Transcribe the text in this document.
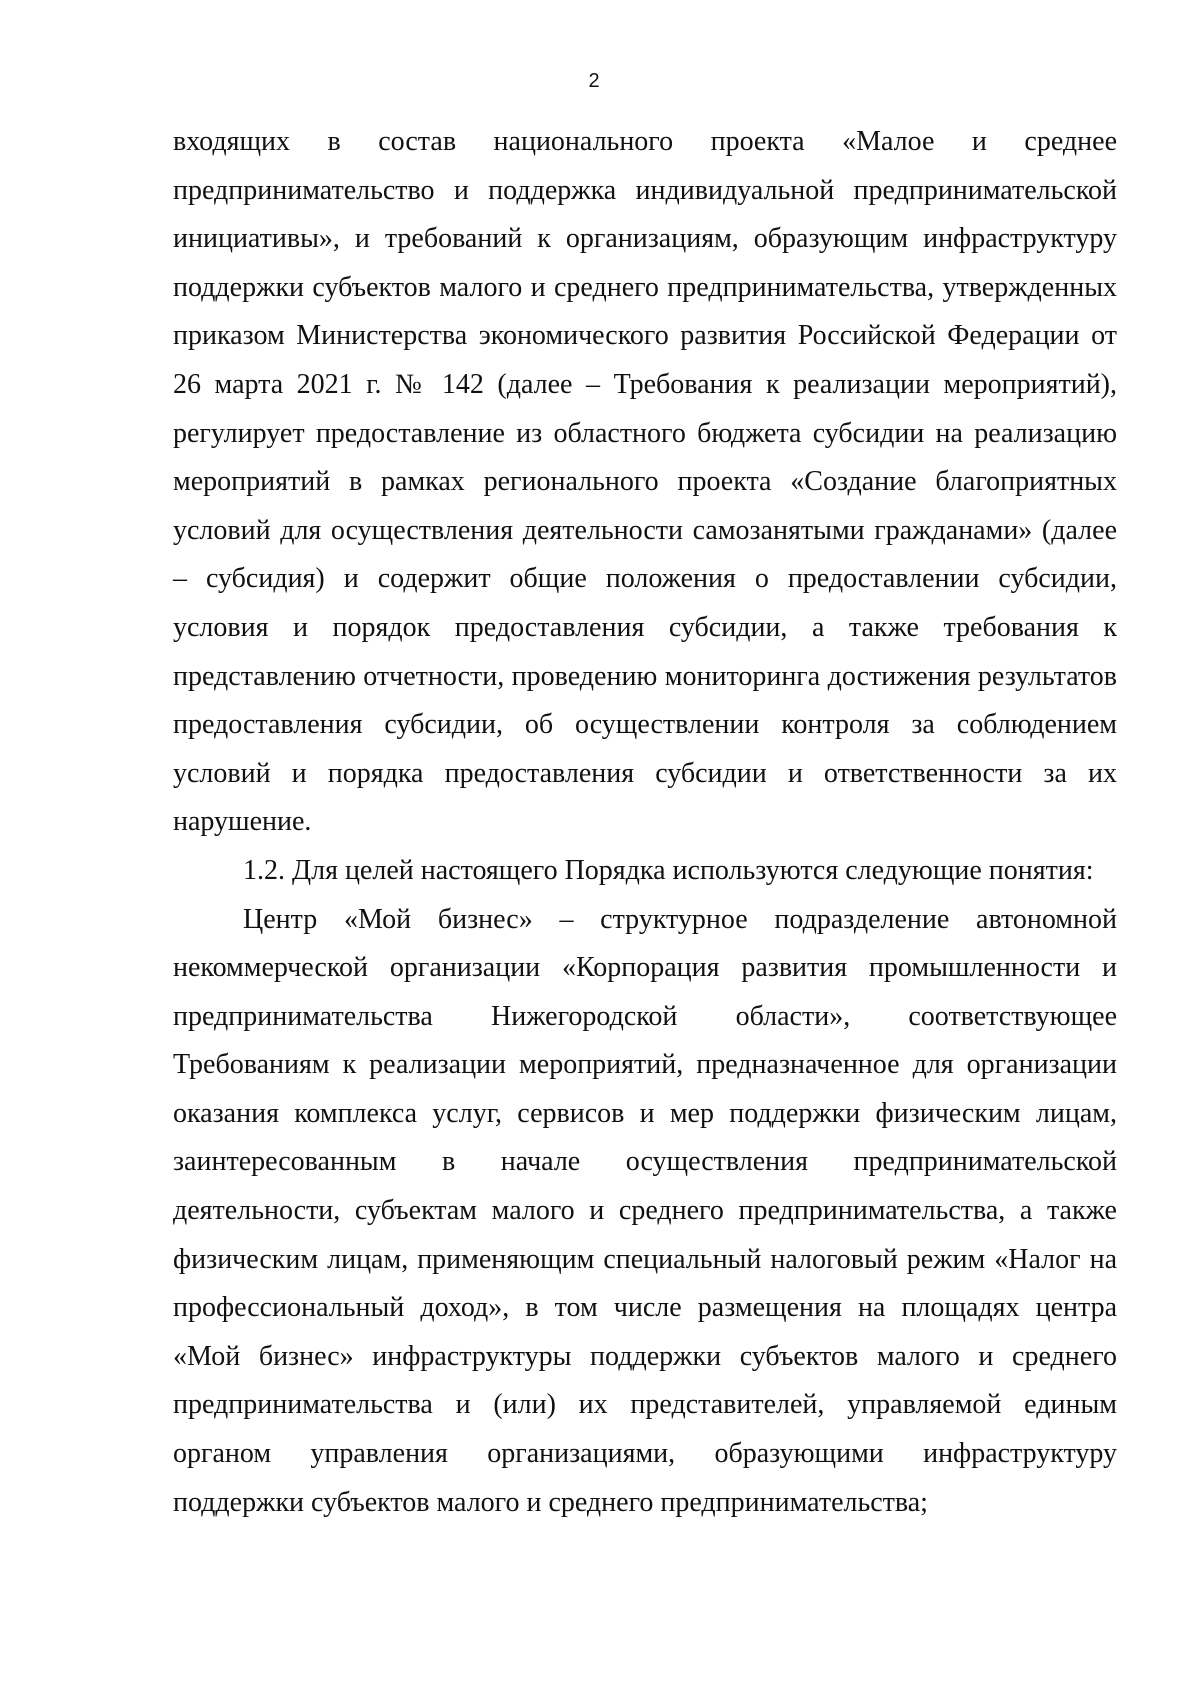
2

входящих в состав национального проекта «Малое и среднее предпринимательство и поддержка индивидуальной предпринимательской инициативы», и требований к организациям, образующим инфраструктуру поддержки субъектов малого и среднего предпринимательства, утвержденных приказом Министерства экономического развития Российской Федерации от 26 марта 2021 г. № 142 (далее – Требования к реализации мероприятий), регулирует предоставление из областного бюджета субсидии на реализацию мероприятий в рамках регионального проекта «Создание благоприятных условий для осуществления деятельности самозанятыми гражданами» (далее – субсидия) и содержит общие положения о предоставлении субсидии, условия и порядок предоставления субсидии, а также требования к представлению отчетности, проведению мониторинга достижения результатов предоставления субсидии, об осуществлении контроля за соблюдением условий и порядка предоставления субсидии и ответственности за их нарушение.

1.2. Для целей настоящего Порядка используются следующие понятия:

Центр «Мой бизнес» – структурное подразделение автономной некоммерческой организации «Корпорация развития промышленности и предпринимательства Нижегородской области», соответствующее Требованиям к реализации мероприятий, предназначенное для организации оказания комплекса услуг, сервисов и мер поддержки физическим лицам, заинтересованным в начале осуществления предпринимательской деятельности, субъектам малого и среднего предпринимательства, а также физическим лицам, применяющим специальный налоговый режим «Налог на профессиональный доход», в том числе размещения на площадях центра «Мой бизнес» инфраструктуры поддержки субъектов малого и среднего предпринимательства и (или) их представителей, управляемой единым органом управления организациями, образующими инфраструктуру поддержки субъектов малого и среднего предпринимательства;
